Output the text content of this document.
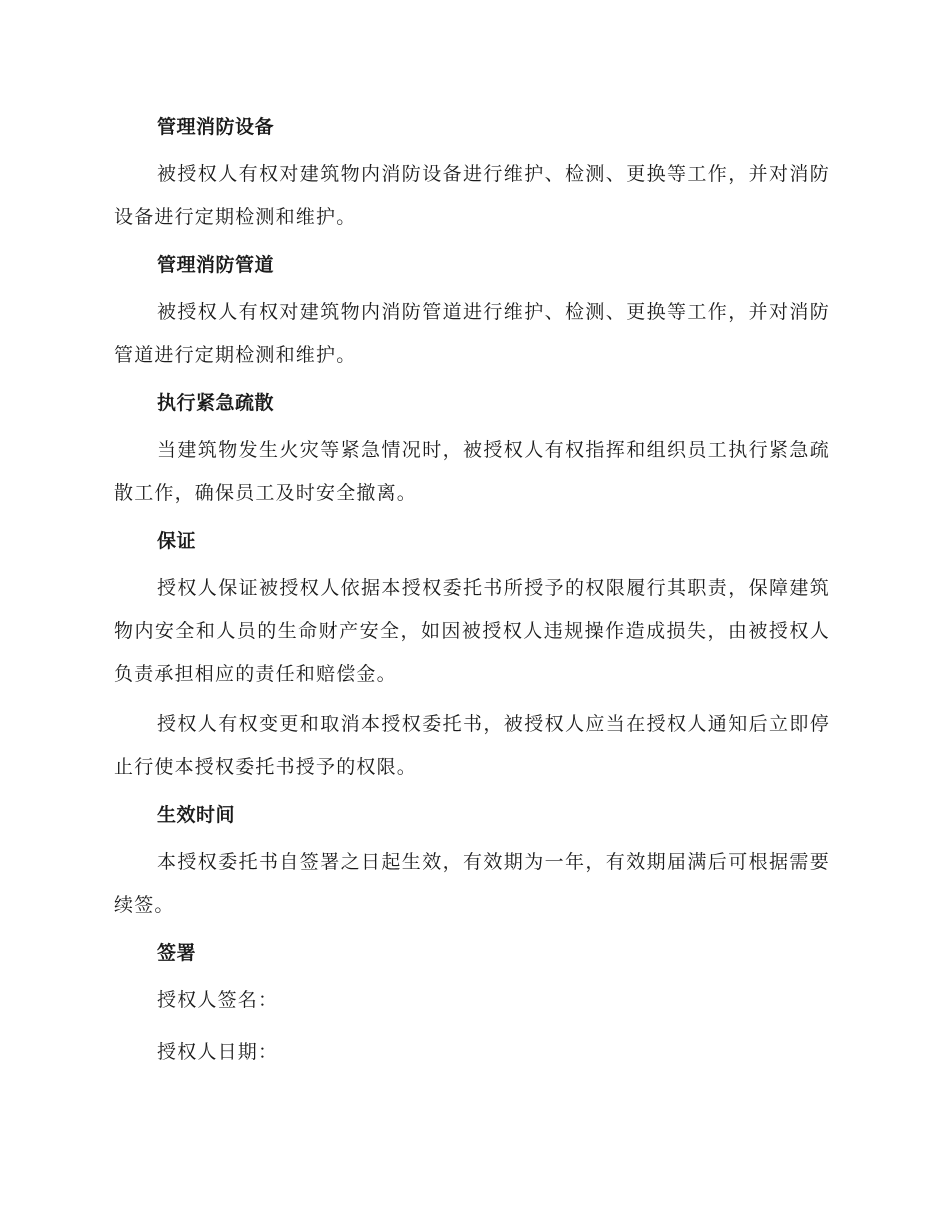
管理消防设备
被授权人有权对建筑物内消防设备进行维护、检测、更换等工作，并对消防设备进行定期检测和维护。
管理消防管道
被授权人有权对建筑物内消防管道进行维护、检测、更换等工作，并对消防管道进行定期检测和维护。
执行紧急疏散
当建筑物发生火灾等紧急情况时，被授权人有权指挥和组织员工执行紧急疏散工作，确保员工及时安全撤离。
保证
授权人保证被授权人依据本授权委托书所授予的权限履行其职责，保障建筑物内安全和人员的生命财产安全，如因被授权人违规操作造成损失，由被授权人负责承担相应的责任和赔偿金。
授权人有权变更和取消本授权委托书，被授权人应当在授权人通知后立即停止行使本授权委托书授予的权限。
生效时间
本授权委托书自签署之日起生效，有效期为一年，有效期届满后可根据需要续签。
签署
授权人签名：
授权人日期：
